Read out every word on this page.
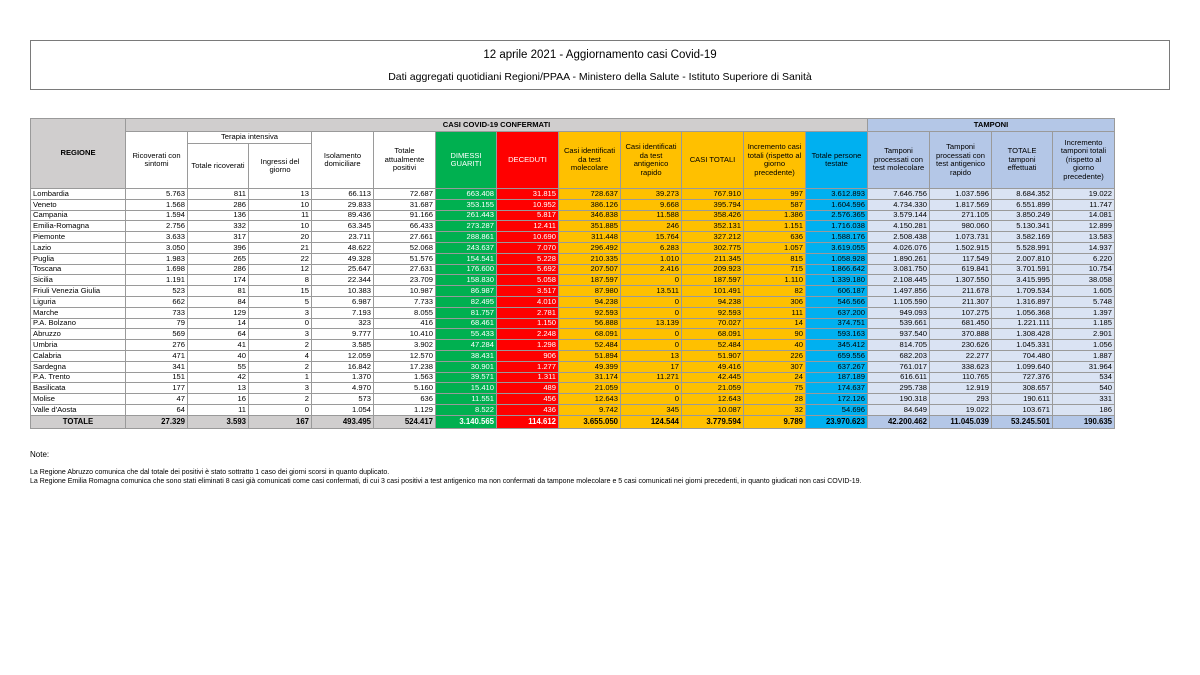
12 aprile 2021 - Aggiornamento casi Covid-19
Dati aggregati quotidiani Regioni/PPAA - Ministero della Salute - Istituto Superiore di Sanità
REGIONE	CASI COVID-19 CONFERMATI												TAMPONI			
	Ricoverati con sintomi	Terapia intensiva		Isolamento domiciliare	Totale attualmente positivi	DIMESSI GUARITI	DECEDUTI	Casi identificati da test molecolare	Casi identificati da test antigenico rapido	CASI TOTALI	Incremento casi totali (rispetto al giorno precedente)	Totale persone testate	Tamponi processati con test molecolare	Tamponi processati con test antigenico rapido	TOTALE tamponi effettuati	Incremento tamponi totali (rispetto al giorno precedente)
		Totale ricoverati	Ingressi del giorno													
Lombardia	5.763	811	13	66.113	72.687	663.408	31.815	728.637	39.273	767.910	997	3.612.893	7.646.756	1.037.596	8.684.352	19.022
Veneto	1.568	286	10	29.833	31.687	353.155	10.952	386.126	9.668	395.794	587	1.604.596	4.734.330	1.817.569	6.551.899	11.747
Campania	1.594	136	11	89.436	91.166	261.443	5.817	346.838	11.588	358.426	1.386	2.576.365	3.579.144	271.105	3.850.249	14.081
Emilia-Romagna	2.756	332	10	63.345	66.433	273.287	12.411	351.885	246	352.131	1.151	1.716.038	4.150.281	980.060	5.130.341	12.899
Piemonte	3.633	317	20	23.711	27.661	288.861	10.690	311.448	15.764	327.212	636	1.588.176	2.508.438	1.073.731	3.582.169	13.583
Lazio	3.050	396	21	48.622	52.068	243.637	7.070	296.492	6.283	302.775	1.057	3.619.055	4.026.076	1.502.915	5.528.991	14.937
Puglia	1.983	265	22	49.328	51.576	154.541	5.228	210.335	1.010	211.345	815	1.058.928	1.890.261	117.549	2.007.810	6.220
Toscana	1.698	286	12	25.647	27.631	176.600	5.692	207.507	2.416	209.923	715	1.866.642	3.081.750	619.841	3.701.591	10.754
Sicilia	1.191	174	8	22.344	23.709	158.830	5.058	187.597	0	187.597	1.110	1.339.180	2.108.445	1.307.550	3.415.995	38.058
Friuli Venezia Giulia	523	81	15	10.383	10.987	86.987	3.517	87.980	13.511	101.491	82	606.187	1.497.856	211.678	1.709.534	1.605
Liguria	662	84	5	6.987	7.733	82.495	4.010	94.238	0	94.238	306	546.566	1.105.590	211.307	1.316.897	5.748
Marche	733	129	3	7.193	8.055	81.757	2.781	92.593	0	92.593	111	637.200	949.093	107.275	1.056.368	1.397
P.A. Bolzano	79	14	0	323	416	68.461	1.150	56.888	13.139	70.027	14	374.751	539.661	681.450	1.221.111	1.185
Abruzzo	569	64	3	9.777	10.410	55.433	2.248	68.091	0	68.091	90	593.163	937.540	370.888	1.308.428	2.901
Umbria	276	41	2	3.585	3.902	47.284	1.298	52.484	0	52.484	40	345.412	814.705	230.626	1.045.331	1.056
Calabria	471	40	4	12.059	12.570	38.431	906	51.894	13	51.907	226	659.556	682.203	22.277	704.480	1.887
Sardegna	341	55	2	16.842	17.238	30.901	1.277	49.399	17	49.416	307	637.267	761.017	338.623	1.099.640	31.964
P.A. Trento	151	42	1	1.370	1.563	39.571	1.311	31.174	11.271	42.445	24	187.189	616.611	110.765	727.376	534
Basilicata	177	13	3	4.970	5.160	15.410	489	21.059	0	21.059	75	174.637	295.738	12.919	308.657	540
Molise	47	16	2	573	636	11.551	456	12.643	0	12.643	28	172.126	190.318	293	190.611	331
Valle d'Aosta	64	11	0	1.054	1.129	8.522	436	9.742	345	10.087	32	54.696	84.649	19.022	103.671	186
TOTALE	27.329	3.593	167	493.495	524.417	3.140.565	114.612	3.655.050	124.544	3.779.594	9.789	23.970.623	42.200.462	11.045.039	53.245.501	190.635
Note:
La Regione Abruzzo comunica che dal totale dei positivi è stato sottratto 1 caso dei giorni scorsi in quanto duplicato.
La Regione Emilia Romagna comunica che sono stati eliminati 8 casi già comunicati come casi confermati, di cui 3 casi positivi a test antigenico ma non confermati da tampone molecolare e 5 casi comunicati nei giorni precedenti, in quanto giudicati non casi COVID-19.
